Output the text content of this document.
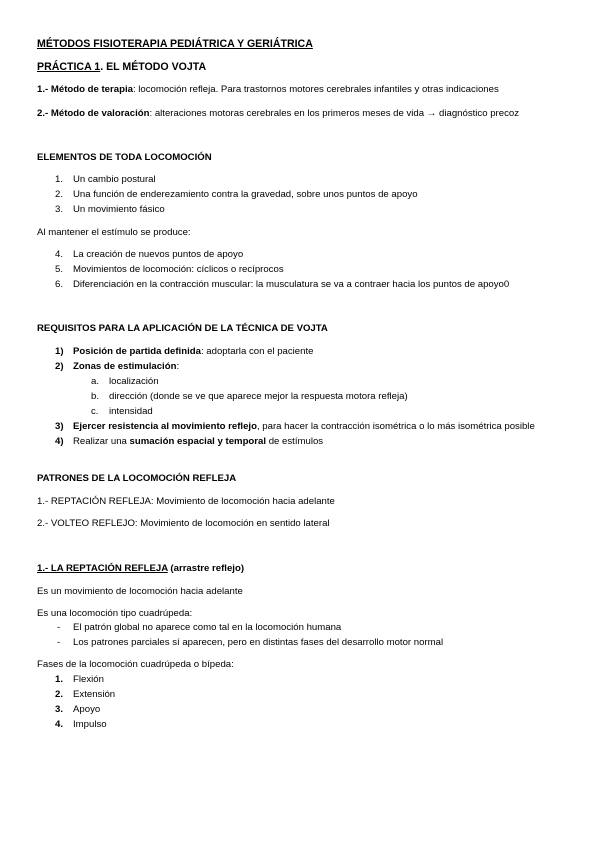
MÉTODOS FISIOTERAPIA PEDIÁTRICA Y GERIÁTRICA
PRÁCTICA 1. EL MÉTODO VOJTA
1.- Método de terapia: locomoción refleja. Para trastornos motores cerebrales infantiles y otras indicaciones
2.- Método de valoración: alteraciones motoras cerebrales en los primeros meses de vida → diagnóstico precoz
ELEMENTOS DE TODA LOCOMOCIÓN
1. Un cambio postural
2. Una función de enderezamiento contra la gravedad, sobre unos puntos de apoyo
3. Un movimiento fásico
Al mantener el estímulo se produce:
4. La creación de nuevos puntos de apoyo
5. Movimientos de locomoción: cíclicos o recíprocos
6. Diferenciación en la contracción muscular: la musculatura se va a contraer hacia los puntos de apoyo0
REQUISITOS PARA LA APLICACIÓN DE LA TÉCNICA DE VOJTA
1) Posición de partida definida: adoptarla con el paciente
2) Zonas de estimulación:
a. localización
b. dirección (donde se ve que aparece mejor la respuesta motora refleja)
c. intensidad
3) Ejercer resistencia al movimiento reflejo, para hacer la contracción isométrica o lo más isométrica posible
4) Realizar una sumación espacial y temporal de estímulos
PATRONES DE LA LOCOMOCIÓN REFLEJA
1.- REPTACIÓN REFLEJA: Movimiento de locomoción hacia adelante
2.- VOLTEO REFLEJO: Movimiento de locomoción en sentido lateral
1.- LA REPTACIÓN REFLEJA (arrastre reflejo)
Es un movimiento de locomoción hacia adelante
Es una locomoción tipo cuadrúpeda:
- El patrón global no aparece como tal en la locomoción humana
- Los patrones parciales sí aparecen, pero en distintas fases del desarrollo motor normal
Fases de la locomoción cuadrúpeda o bípeda:
1. Flexión
2. Extensión
3. Apoyo
4. Impulso
